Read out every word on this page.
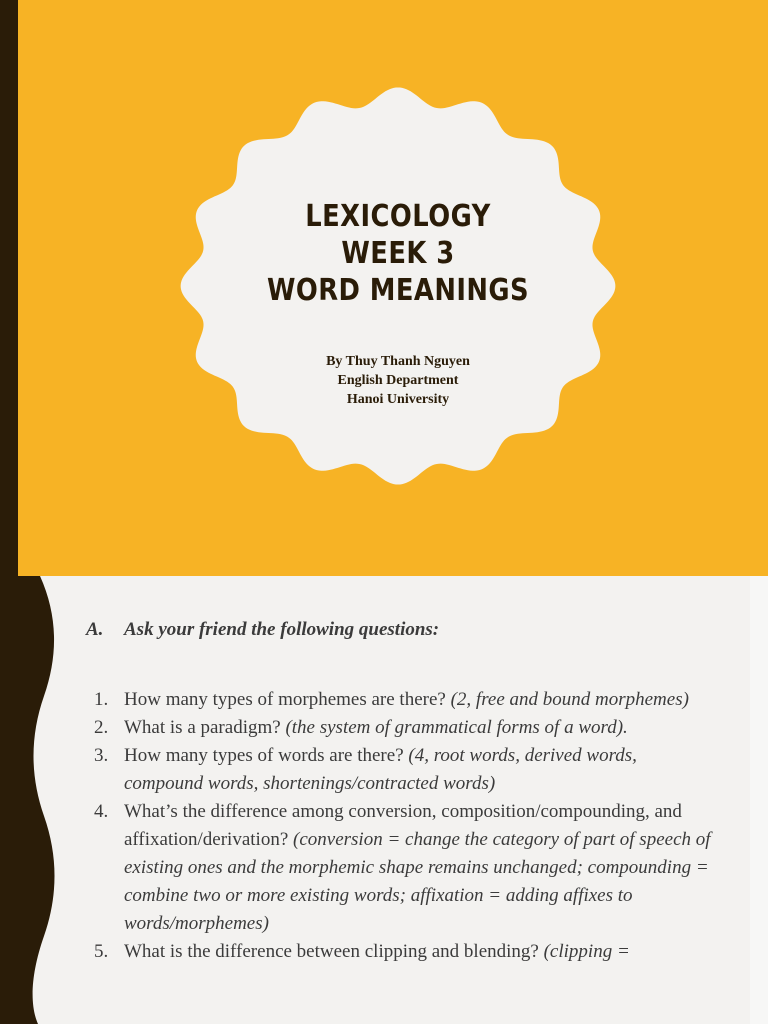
LEXICOLOGY
WEEK 3
WORD MEANINGS
By Thuy Thanh Nguyen
English Department
Hanoi University
A. Ask your friend the following questions:
1. How many types of morphemes are there? (2, free and bound morphemes)
2. What is a paradigm? (the system of grammatical forms of a word).
3. How many types of words are there? (4, root words, derived words, compound words, shortenings/contracted words)
4. What’s the difference among conversion, composition/compounding, and affixation/derivation? (conversion = change the category of part of speech of existing ones and the morphemic shape remains unchanged; compounding = combine two or more existing words; affixation = adding affixes to words/morphemes)
5. What is the difference between clipping and blending? (clipping =
